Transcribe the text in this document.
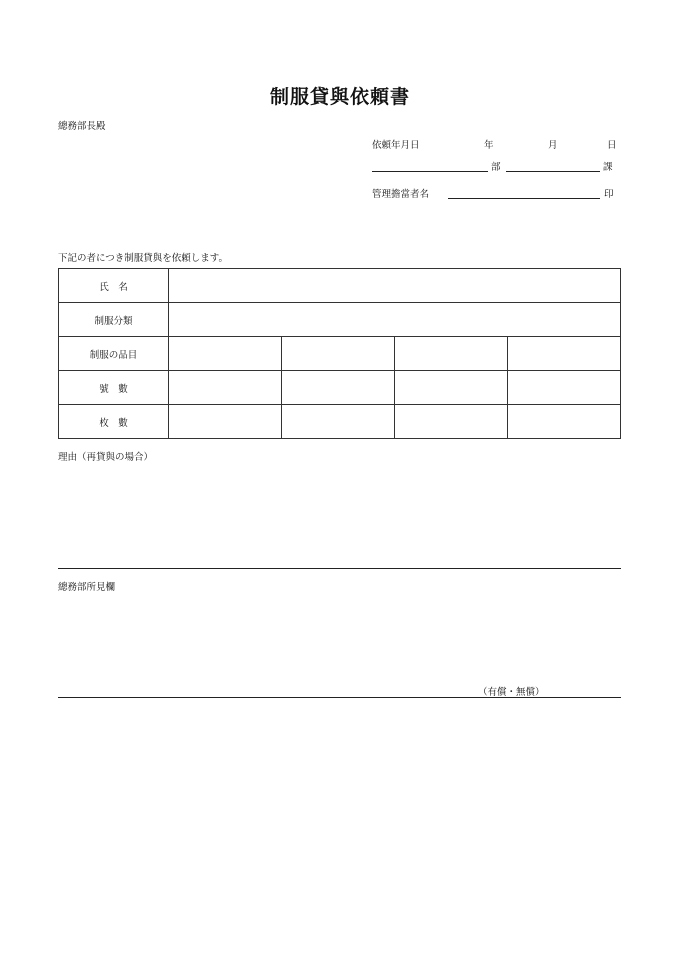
制服貸與依頼書
總務部長殿
依頼年月日	年	月	日
部	課
管理擔當者名	印
下記の者につき制服貸與を依頼します。
氏　名				
制服分類				
制服の品目				
號　數				
枚　數				
理由（再貸與の場合）
總務部所見欄
（有償・無償）
